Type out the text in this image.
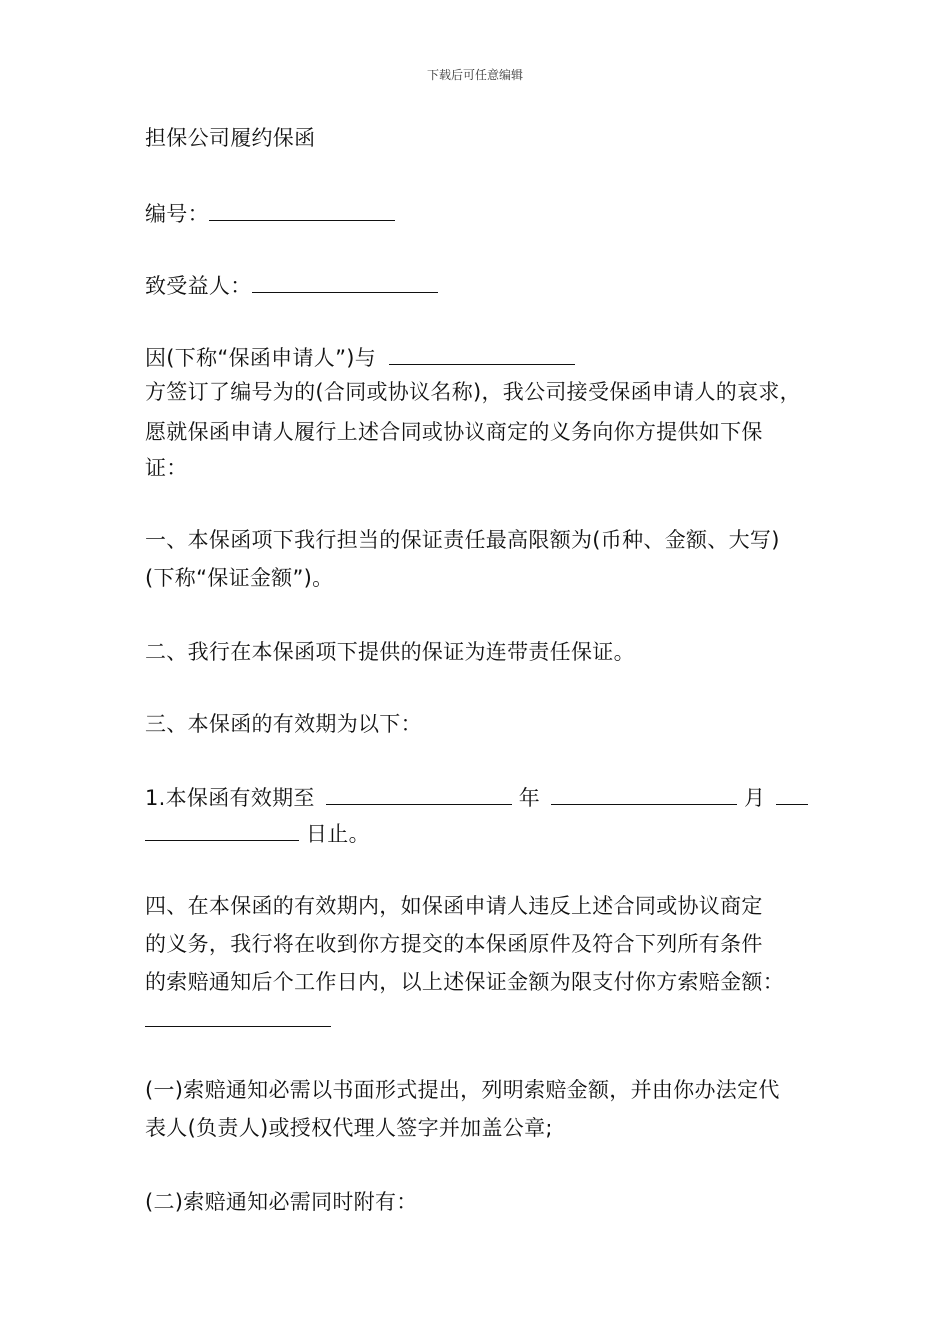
下载后可任意编辑
担保公司履约保函
编号：
致受益人：
因(下称“保函申请人”)与
方签订了编号为的(合同或协议名称)，我公司接受保函申请人的哀求，
愿就保函申请人履行上述合同或协议商定的义务向你方提供如下保
证：
一、本保函项下我行担当的保证责任最高限额为(币种、金额、大写)
(下称“保证金额”)。
二、我行在本保函项下提供的保证为连带责任保证。
三、本保函的有效期为以下：
1.本保函有效期至	年	月
日止。
四、在本保函的有效期内，如保函申请人违反上述合同或协议商定
的义务，我行将在收到你方提交的本保函原件及符合下列所有条件
的索赔通知后个工作日内，以上述保证金额为限支付你方索赔金额：
(一)索赔通知必需以书面形式提出，列明索赔金额，并由你办法定代
表人(负责人)或授权代理人签字并加盖公章;
(二)索赔通知必需同时附有：
